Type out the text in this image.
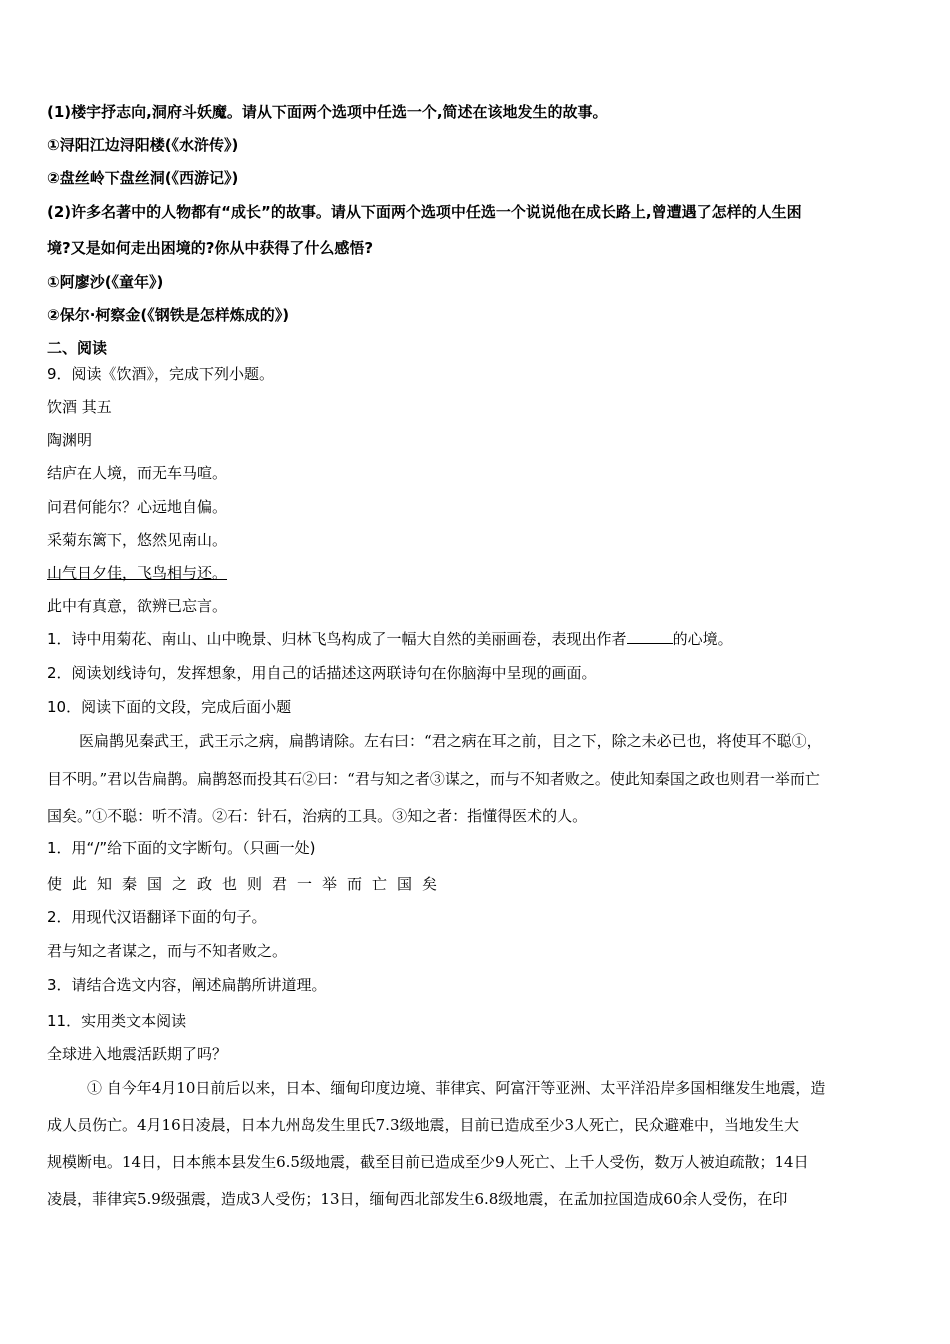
(1)楼宇抒志向,洞府斗妖魔。请从下面两个选项中任选一个,简述在该地发生的故事。
①浔阳江边浔阳楼(《水浒传》)
②盘丝岭下盘丝洞(《西游记》)
(2)许多名著中的人物都有“成长”的故事。请从下面两个选项中任选一个说说他在成长路上,曾遭遇了怎样的人生困
境?又是如何走出困境的?你从中获得了什么感悟?
①阿廖沙(《童年》)
②保尔·柯察金(《钢铁是怎样炼成的》)
二、阅读
9．阅读《饮酒》，完成下列小题。
饮酒 其五
陶渊明
结庐在人境，而无车马喧。
问君何能尔？心远地自偏。
采菊东篱下，悠然见南山。
山气日夕佳，飞鸟相与还。
此中有真意，欲辨已忘言。
1．诗中用菊花、南山、山中晚景、归林飞鸟构成了一幅大自然的美丽画卷，表现出作者	的心境。
2．阅读划线诗句，发挥想象，用自己的话描述这两联诗句在你脑海中呈现的画面。
10．阅读下面的文段，完成后面小题
医扁鹊见秦武王，武王示之病，扁鹊请除。左右曰：“君之病在耳之前，目之下，除之未必已也，将使耳不聪①，
目不明。”君以告扁鹊。扁鹊怒而投其石②曰：“君与知之者③谋之，而与不知者败之。使此知秦国之政也则君一举而亡
国矣。”①不聪：听不清。②石：针石，治病的工具。③知之者：指懂得医术的人。
1．用“/”给下面的文字断句。（只画一处)
使此知秦国之政也则君一举而亡国矣
2．用现代汉语翻译下面的句子。
君与知之者谋之，而与不知者败之。
3．请结合选文内容，阐述扁鹊所讲道理。
11．实用类文本阅读
全球进入地震活跃期了吗？
① 自今年4月10日前后以来，日本、缅甸印度边境、菲律宾、阿富汗等亚洲、太平洋沿岸多国相继发生地震，造
成人员伤亡。4月16日凌晨，日本九州岛发生里氏7.3级地震，目前已造成至少3人死亡，民众避难中，当地发生大
规模断电。14日，日本熊本县发生6.5级地震，截至目前已造成至少9人死亡、上千人受伤，数万人被迫疏散；14日
凌晨，菲律宾5.9级强震，造成3人受伤；13日，缅甸西北部发生6.8级地震，在孟加拉国造成60余人受伤，在印
